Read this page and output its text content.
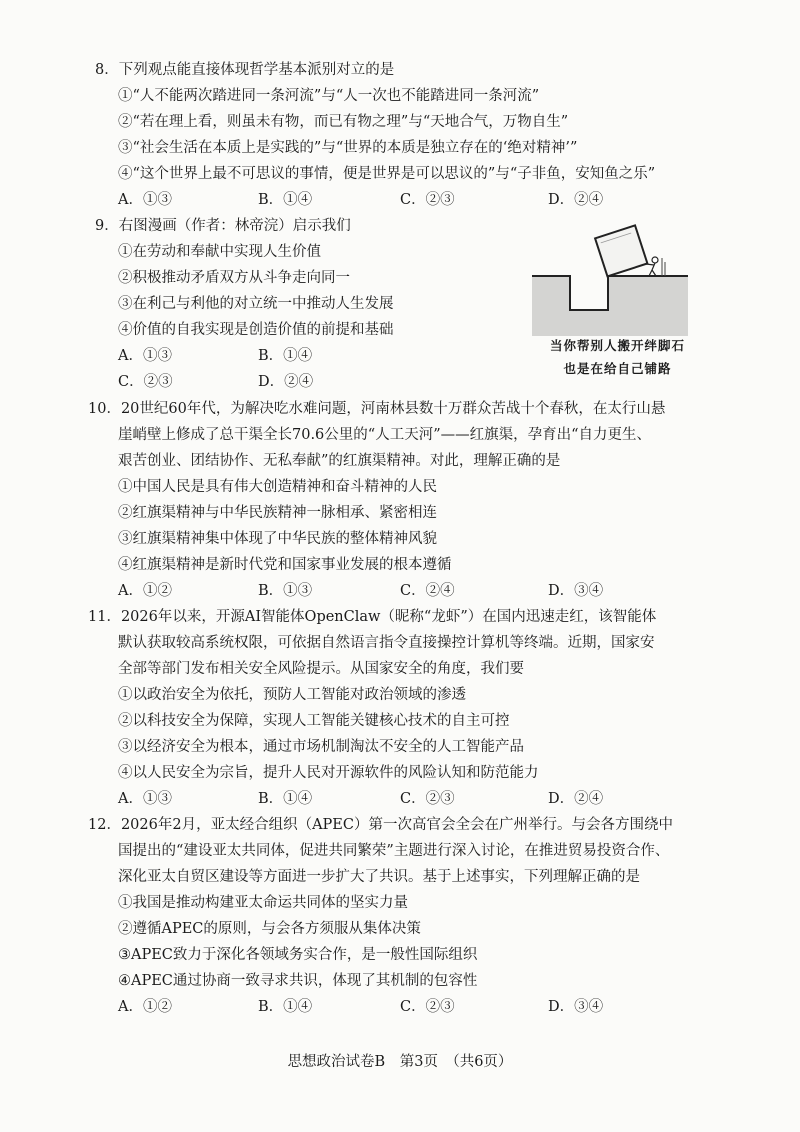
8．下列观点能直接体现哲学基本派别对立的是
①“人不能两次踏进同一条河流”与“人一次也不能踏进同一条河流”
②“若在理上看，则虽未有物，而已有物之理”与“天地合气，万物自生”
③“社会生活在本质上是实践的”与“世界的本质是独立存在的‘绝对精神’”
④“这个世界上最不可思议的事情，便是世界是可以思议的”与“子非鱼，安知鱼之乐”
A．①③	B．①④	C．②③	D．②④
9．右图漫画（作者：林帝浣）启示我们
①在劳动和奉献中实现人生价值
②积极推动矛盾双方从斗争走向同一
③在利己与利他的对立统一中推动人生发展
④价值的自我实现是创造价值的前提和基础
A．①③	B．①④
C．②③	D．②④
当你帮别人搬开绊脚石
也是在给自己铺路
10．20世纪60年代，为解决吃水难问题，河南林县数十万群众苦战十个春秋，在太行山悬
崖峭壁上修成了总干渠全长70.6公里的“人工天河”——红旗渠，孕育出“自力更生、
艰苦创业、团结协作、无私奉献”的红旗渠精神。对此，理解正确的是
①中国人民是具有伟大创造精神和奋斗精神的人民
②红旗渠精神与中华民族精神一脉相承、紧密相连
③红旗渠精神集中体现了中华民族的整体精神风貌
④红旗渠精神是新时代党和国家事业发展的根本遵循
A．①②	B．①③	C．②④	D．③④
11．2026年以来，开源AI智能体OpenClaw（昵称“龙虾”）在国内迅速走红，该智能体
默认获取较高系统权限，可依据自然语言指令直接操控计算机等终端。近期，国家安
全部等部门发布相关安全风险提示。从国家安全的角度，我们要
①以政治安全为依托，预防人工智能对政治领域的渗透
②以科技安全为保障，实现人工智能关键核心技术的自主可控
③以经济安全为根本，通过市场机制淘汰不安全的人工智能产品
④以人民安全为宗旨，提升人民对开源软件的风险认知和防范能力
A．①③	B．①④	C．②③	D．②④
12．2026年2月，亚太经合组织（APEC）第一次高官会全会在广州举行。与会各方围绕中
国提出的“建设亚太共同体，促进共同繁荣”主题进行深入讨论，在推进贸易投资合作、
深化亚太自贸区建设等方面进一步扩大了共识。基于上述事实，下列理解正确的是
①我国是推动构建亚太命运共同体的坚实力量
②遵循APEC的原则，与会各方须服从集体决策
③APEC致力于深化各领域务实合作，是一般性国际组织
④APEC通过协商一致寻求共识，体现了其机制的包容性
A．①②	B．①④	C．②③	D．③④
思想政治试卷B　第3页　（共6页）
